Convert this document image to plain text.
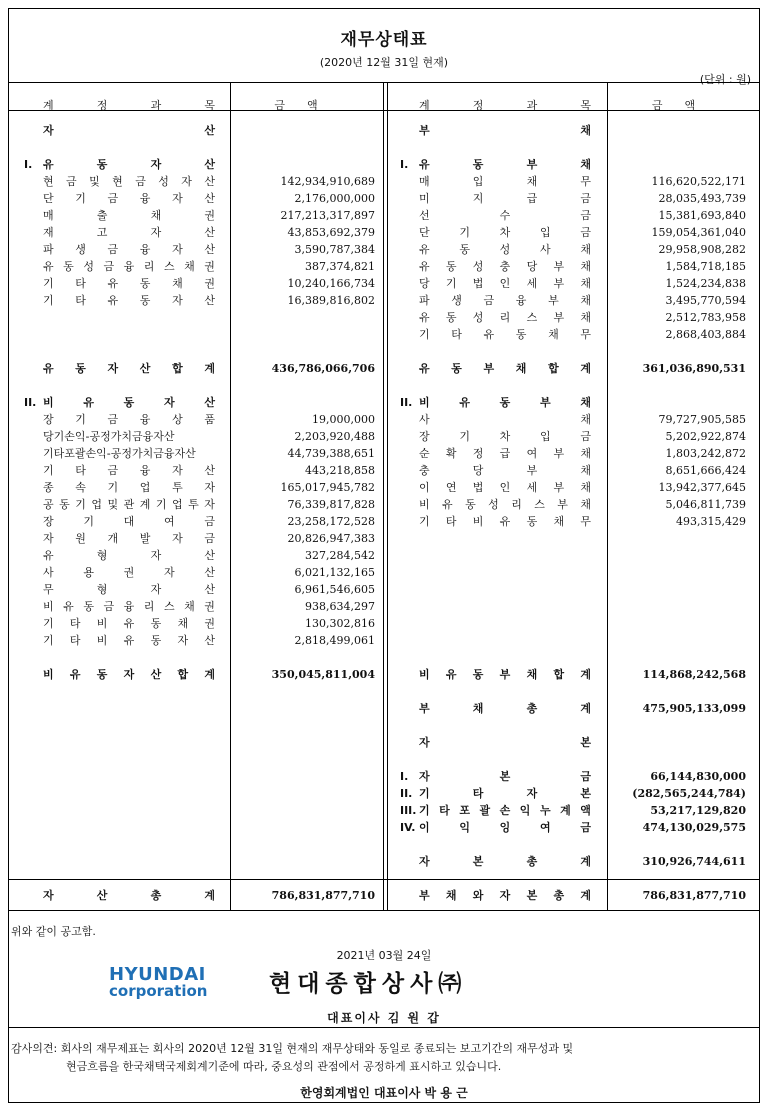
재무상태표
(2020년 12월 31일 현재)
(단위 : 원)
계	정	과	목	금액	계	정	과	목	금액
자	산
I. 유	동	자	산
현 금 및 현 금 성 자 산	142,934,910,689
단 기 금 융 자 산	2,176,000,000
매	출	채	권	217,213,317,897
재	고	자	산	43,853,692,379
파 생 금 융 자 산	3,590,787,384
유 동 성 금 융 리 스 채 권	387,374,821
기 타 유 동 채 권	10,240,166,734
기 타 유 동 자 산	16,389,816,802
유 동 자 산 합 계	436,786,066,706
II. 비	유	동	자	산
장 기 금 융 상 품	19,000,000
당기손익-공정가치금융자산	2,203,920,488
기타포괄손익-공정가치금융자산	44,739,388,651
기 타 금 융 자 산	443,218,858
종 속 기 업 투 자	165,017,945,782
공 동 기 업 및 관 계 기 업 투 자	76,339,817,828
장	기	대	여	금	23,258,172,528
자 원 개 발 자 금	20,826,947,383
유	형	자	산	327,284,542
사	용	권	자	산	6,021,132,165
무	형	자	산	6,961,546,605
비 유 동 금 융 리 스 채 권	938,634,297
기 타 비 유 동 채 권	130,302,816
기 타 비 유 동 자 산	2,818,499,061
비 유 동 자 산 합 계	350,045,811,004
부	채
I. 유	동	부	채
매	입	채	무	116,620,522,171
미	지	급	금	28,035,493,739
선	수	금	15,381,693,840
단	기	차	입	금	159,054,361,040
유	동	성	사	채	29,958,908,282
유 동 성 충 당 부 채	1,584,718,185
당 기 법 인 세 부 채	1,524,234,838
파 생 금 융 부 채	3,495,770,594
유 동 성 리 스 부 채	2,512,783,958
기 타 유 동 채 무	2,868,403,884
유 동 부 채 합 계	361,036,890,531
II. 비	유	동	부	채
사	채	79,727,905,585
장	기	차	입	금	5,202,922,874
순 확 정 급 여 부 채	1,803,242,872
충	당	부	채	8,651,666,424
이 연 법 인 세 부 채	13,942,377,645
비 유 동 성 리 스 부 채	5,046,811,739
기 타 비 유 동 채 무	493,315,429
비 유 동 부 채 합 계	114,868,242,568
부	채	총	계	475,905,133,099
자	본
I. 자	본	금	66,144,830,000
II. 기	타	자	본	(282,565,244,784)
III. 기 타 포 괄 손 익 누 계 액	53,217,129,820
IV. 이	익	잉	여	금	474,130,029,575
자	본	총	계	310,926,744,611
자	산	총	계	786,831,877,710	부 채 와 자 본 총 계	786,831,877,710
위와 같이 공고함.
2021년 03월 24일
HYUNDAI
corporation	현대종합상사㈜
대표이사 김 원 갑
감사의견: 회사의 재무제표는 회사의 2020년 12월 31일 현재의 재무상태와 동일로 종료되는 보고기간의 재무성과 및
현금흐름을 한국채택국제회계기준에 따라, 중요성의 관점에서 공정하게 표시하고 있습니다.
한영회계법인 대표이사 박 용 근
